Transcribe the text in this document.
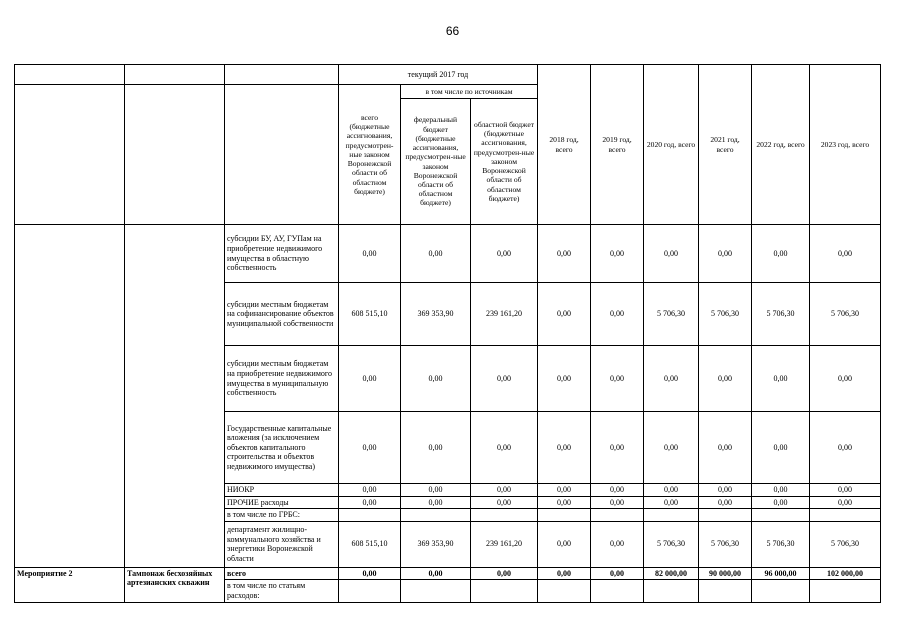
66
			текущий 2017 год			2018 год, всего	2019 год, всего	2020 год, всего	2021 год, всего	2022 год, всего	2023 год, всего
			всего (бюджетные ассигнования, предусмотрен-ные законом Воронежской области об областном бюджете)	в том числе по источникам							
				федеральный бюджет (бюджетные ассигнования, предусмотрен-ные законом Воронежской области об областном бюджете)	областной бюджет (бюджетные ассигнования, предусмотрен-ные законом Воронежской области об областном бюджете)						
		субсидии БУ, АУ, ГУПам на приобретение недвижимого имущества в областную собственность	0,00	0,00	0,00	0,00	0,00	0,00	0,00	0,00	0,00
		субсидии местным бюджетам на софинансирование объектов муниципальной собственности	608 515,10	369 353,90	239 161,20	0,00	0,00	5 706,30	5 706,30	5 706,30	5 706,30
		субсидии местным бюджетам на приобретение недвижимого имущества в муниципальную собственность	0,00	0,00	0,00	0,00	0,00	0,00	0,00	0,00	0,00
		Государственные капитальные вложения (за исключением объектов капитального строительства и объектов недвижимого имущества)	0,00	0,00	0,00	0,00	0,00	0,00	0,00	0,00	0,00
		НИОКР	0,00	0,00	0,00	0,00	0,00	0,00	0,00	0,00	0,00
		ПРОЧИЕ расходы	0,00	0,00	0,00	0,00	0,00	0,00	0,00	0,00	0,00
		в том числе по ГРБС:									
		департамент жилищно-коммунального хозяйства и энергетики Воронежской области	608 515,10	369 353,90	239 161,20	0,00	0,00	5 706,30	5 706,30	5 706,30	5 706,30
Мероприятие 2	Тампонаж бесхозяйных артезианских скважин	всего	0,00	0,00	0,00	0,00	0,00	82 000,00	90 000,00	96 000,00	102 000,00
		в том числе по статьям расходов:									
